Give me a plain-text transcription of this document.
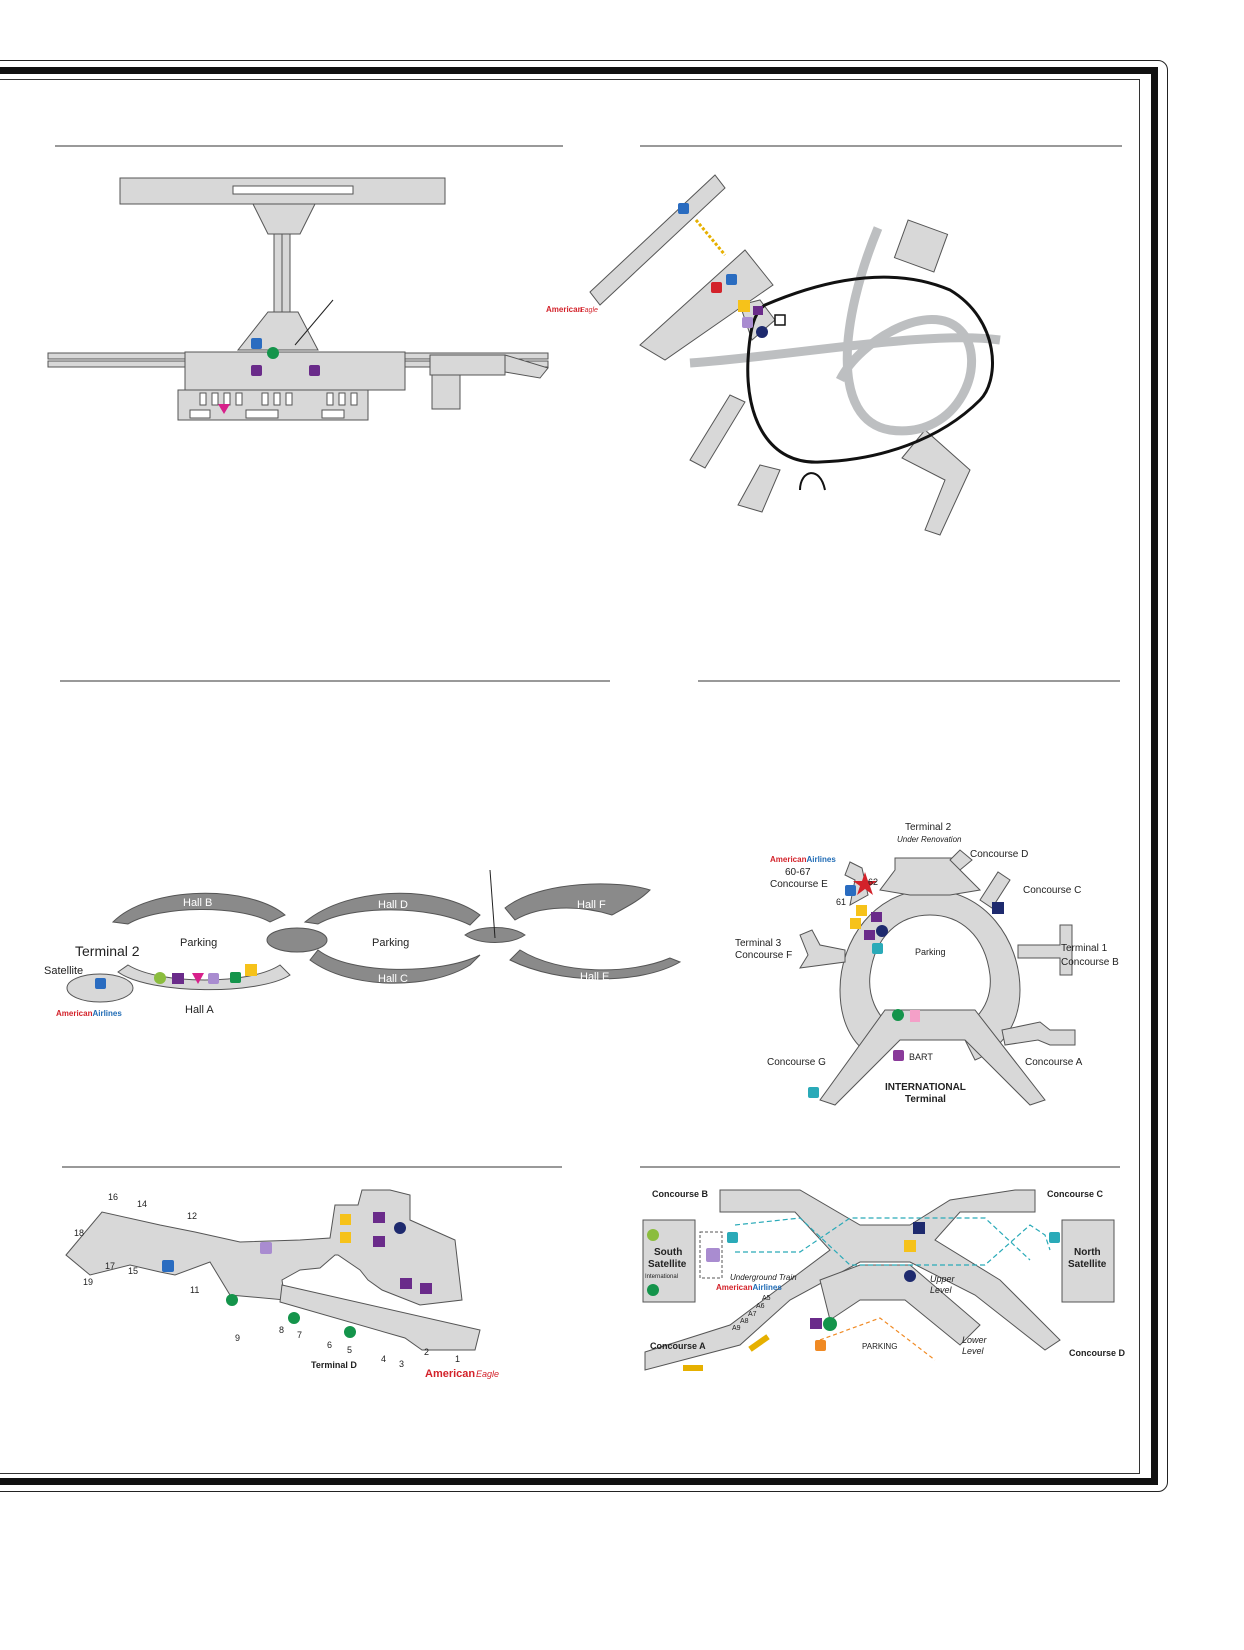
American
Eagle
Terminal 2
Satellite
Parking	Parking
Hall A
Hall B
Hall C
Hall D
Hall E
Hall F
AmericanAirlines
Terminal 2
Under Renovation
Concourse D
Concourse C
Terminal 1
Concourse B
Concourse A
Concourse G
Terminal 3
Concourse F
Concourse E
Parking
BART
INTERNATIONAL
Terminal
60-67
62
61
AmericanAirlines
16
14
12
18
17 15
19
11
9
8 7
6 5
4 3
2
1
Terminal D
American Eagle
Concourse B	Concourse C
Concourse A
Concourse D
South
Satellite
International
North
Satellite
Underground Train	Upper
Level
Lower
Level
PARKING
A5
A6
A7
A8
A9
AmericanAirlines
